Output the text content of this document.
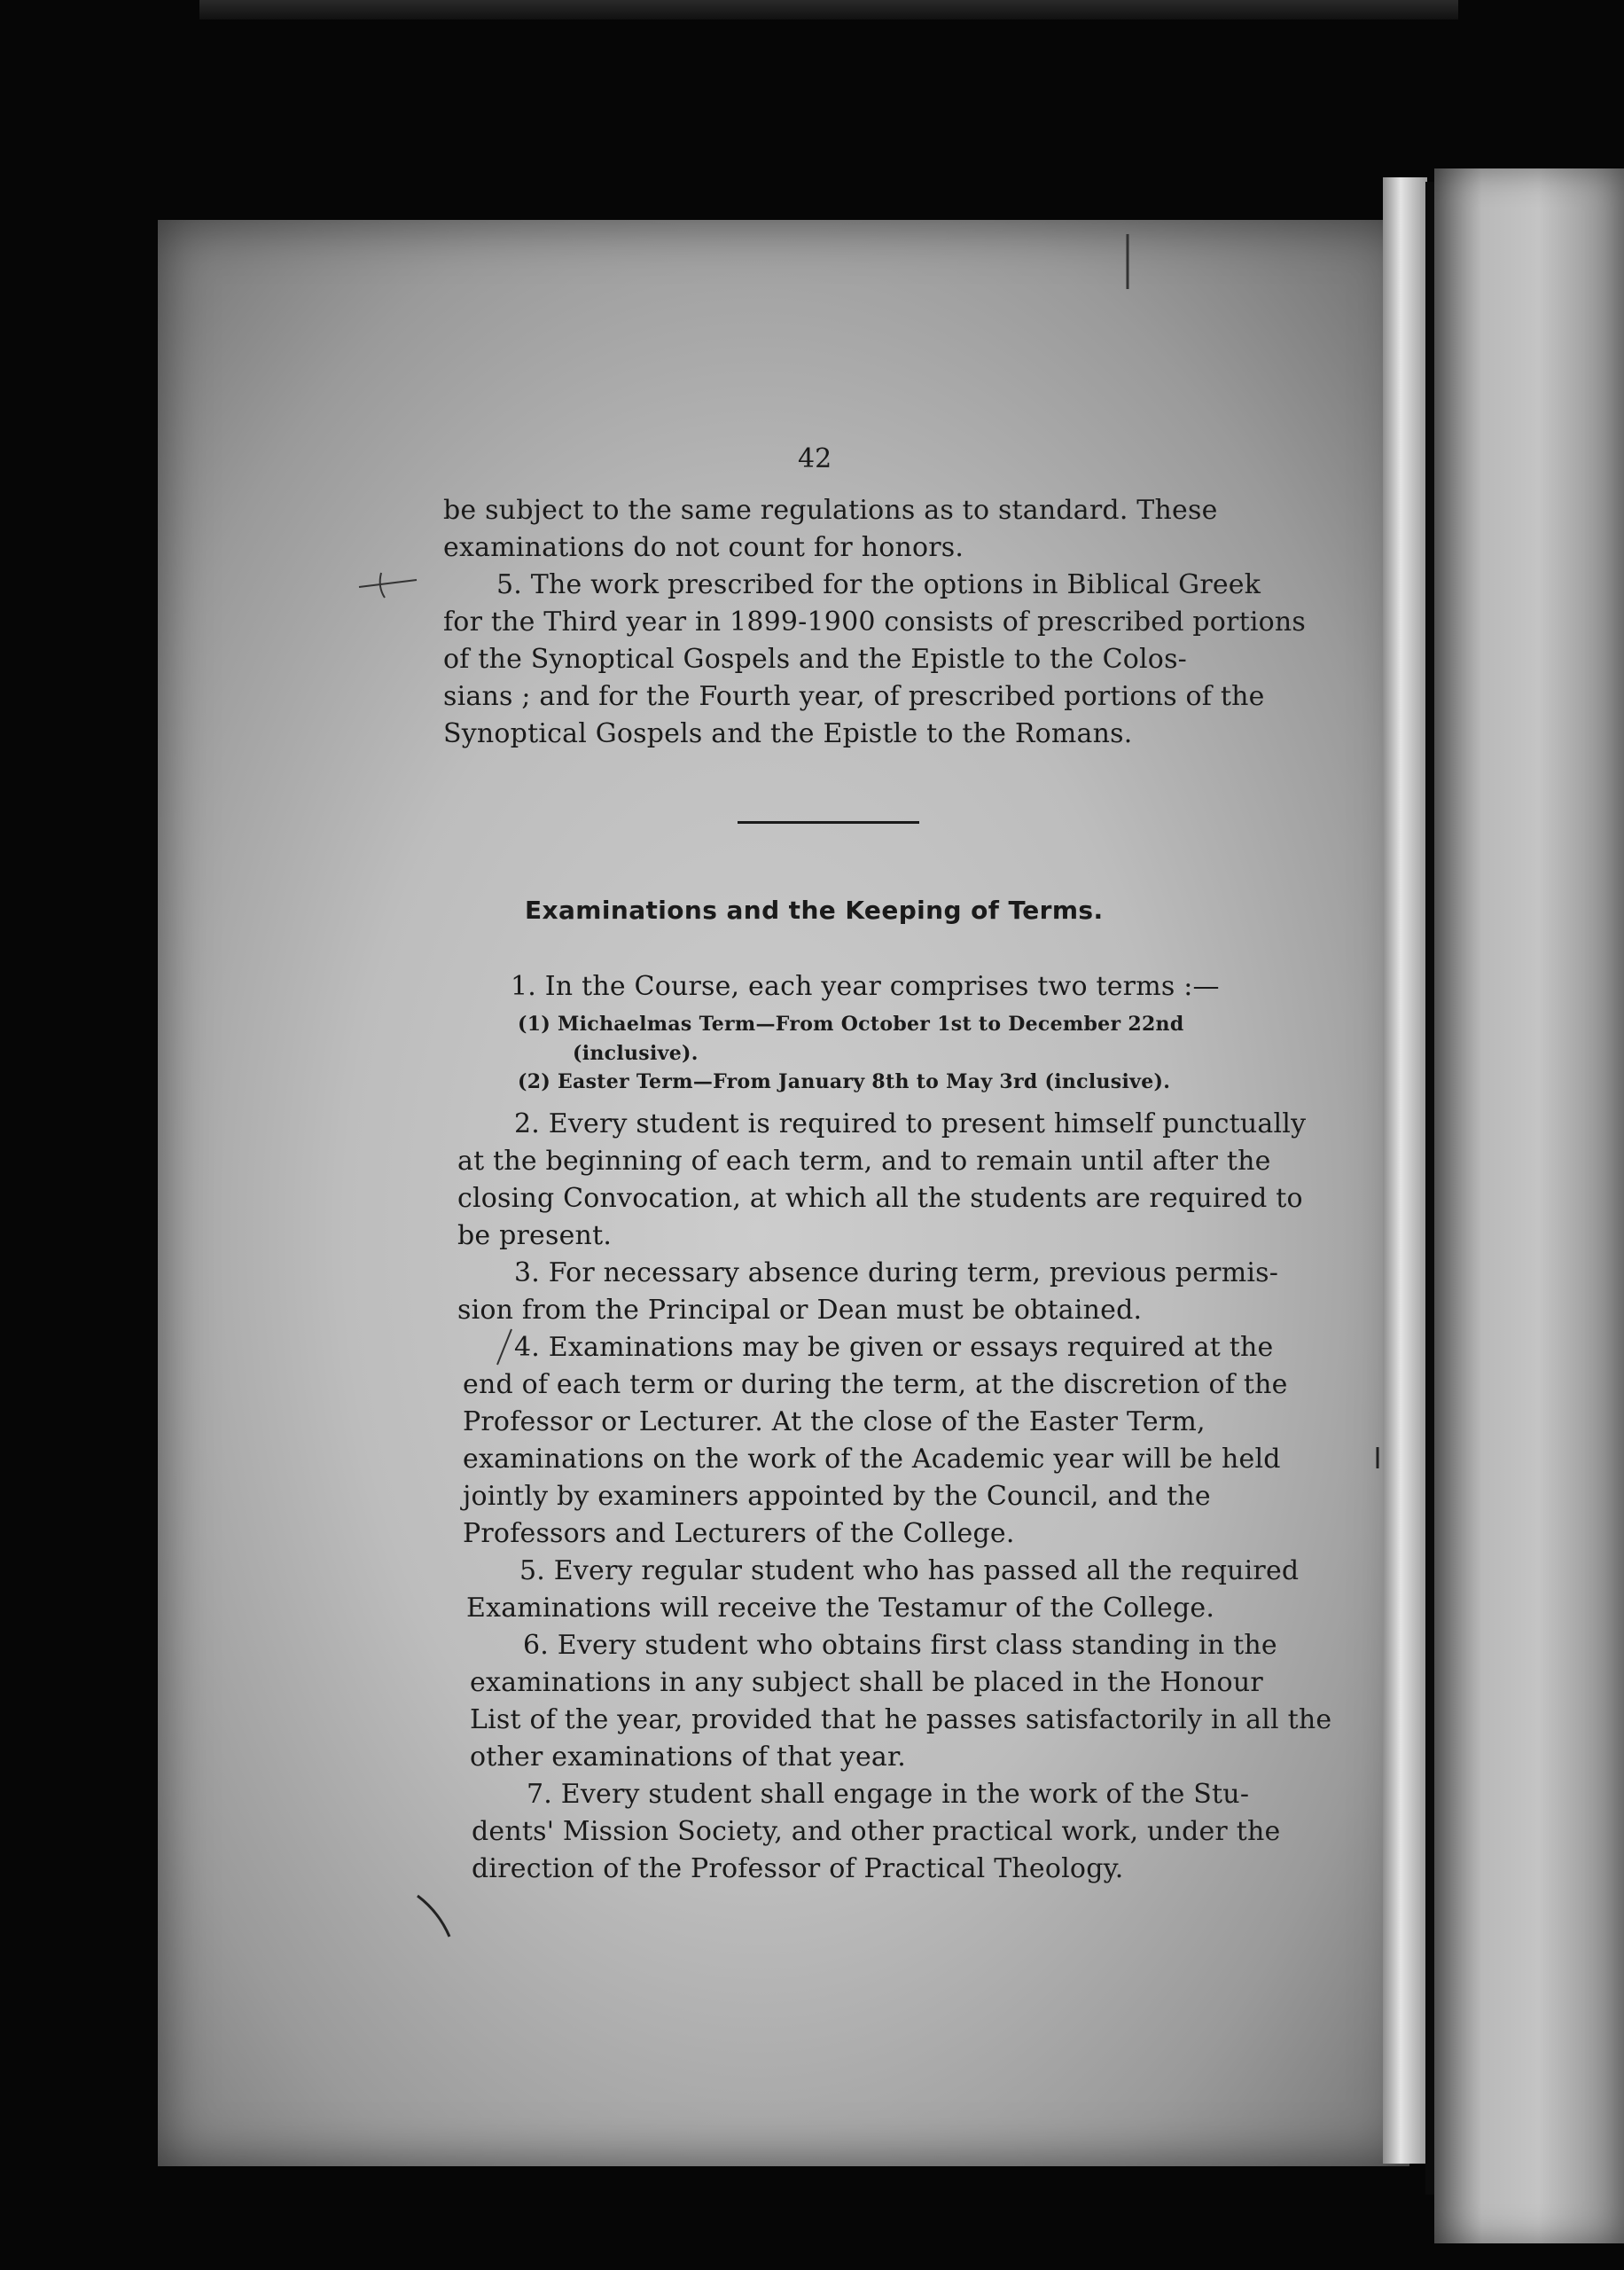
42
be subject to the same regulations as to standard. These
examinations do not count for honors.
5. The work prescribed for the options in Biblical Greek
for the Third year in 1899-1900 consists of prescribed portions
of the Synoptical Gospels and the Epistle to the Colos-
sians ; and for the Fourth year, of prescribed portions of the
Synoptical Gospels and the Epistle to the Romans.
Examinations and the Keeping of Terms.
1. In the Course, each year comprises two terms :—
(1) Michaelmas Term—From October 1st to December 22nd
(inclusive).
(2) Easter Term—From January 8th to May 3rd (inclusive).
2. Every student is required to present himself punctually
at the beginning of each term, and to remain until after the
closing Convocation, at which all the students are required to
be present.
3. For necessary absence during term, previous permis-
sion from the Principal or Dean must be obtained.
4. Examinations may be given or essays required at the
end of each term or during the term, at the discretion of the
Professor or Lecturer. At the close of the Easter Term,
examinations on the work of the Academic year will be held
jointly by examiners appointed by the Council, and the
Professors and Lecturers of the College.
5. Every regular student who has passed all the required
Examinations will receive the Testamur of the College.
6. Every student who obtains first class standing in the
examinations in any subject shall be placed in the Honour
List of the year, provided that he passes satisfactorily in all the
other examinations of that year.
7. Every student shall engage in the work of the Stu-
dents' Mission Society, and other practical work, under the
direction of the Professor of Practical Theology.
